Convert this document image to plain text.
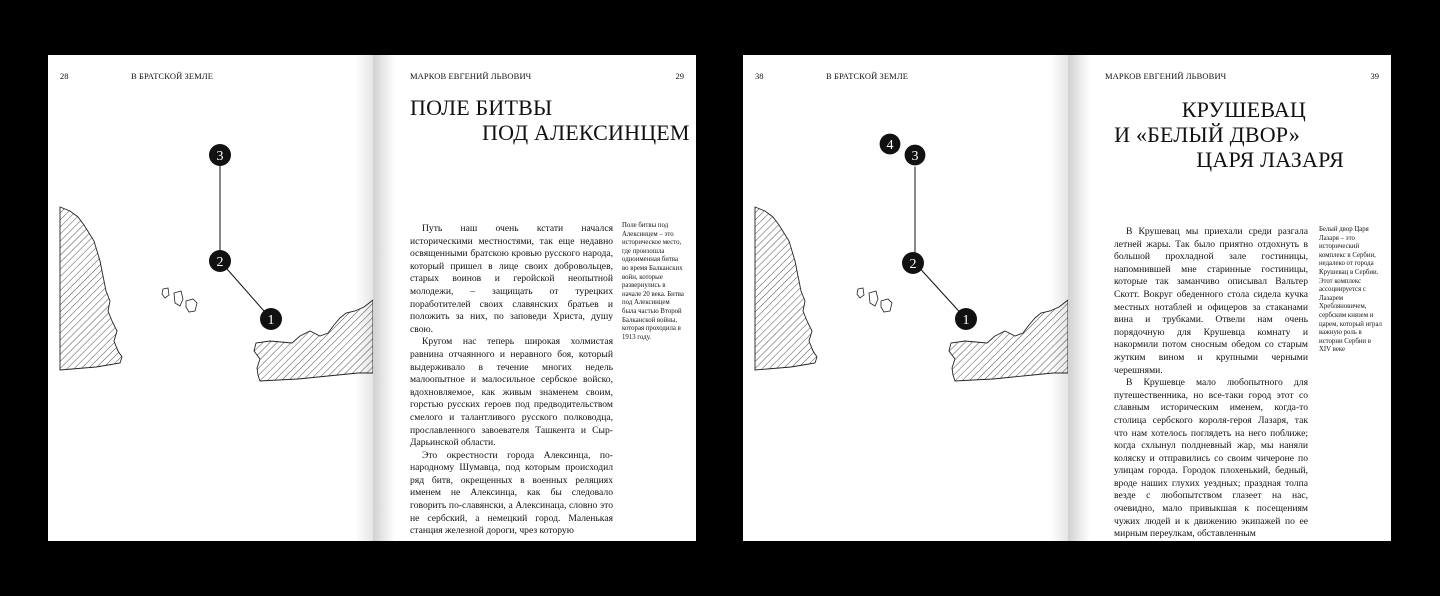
28	В БРАТСКОЙ ЗЕМЛЕ
3
2
1
МАРКОВ ЕВГЕНИЙ ЛЬВОВИЧ	29
ПОЛЕ БИТВЫ
ПОД АЛЕКСИНЦЕМ

Путь наш очень кстати начался историческими местностями, так еще недавно освященными братскою кровью русского народа, который пришел в лице своих добровольцев, старых воинов и геройской неопытной молодежи, – защищать от турецких поработителей своих славянских братьев и положить за них, по заповеди Христа, душу свою.

Кругом нас теперь широкая холмистая равнина отчаянного и неравного боя, который выдерживало в течение многих недель малоопытное и малосильное сербское войско, вдохновляемое, как живым знаменем своим, горстью русских героев под предводительством смелого и талантливого русского полководца, прославленного завоевателя Ташкента и Сыр-Дарьинской области.

Это окрестности города Алексинца, по-народному Шумавца, под которым происходил ряд битв, окрещенных в военных реляциях именем не Алексинца, как бы следовало говорить по-славянски, а Алексинаца, словно это не сербский, а немецкий город. Маленькая станция железной дороги, чрез которую

Поле битвы под Алексинцем – это историческое место, где произошла одноименная битва во время Балканских войн, которые развернулись в начале 20 века. Битва под Алексинцем была частью Второй Балканской войны, которая проходила в 1913 году.
38	В БРАТСКОЙ ЗЕМЛЕ
4
3
2
1
МАРКОВ ЕВГЕНИЙ ЛЬВОВИЧ	39
КРУШЕВАЦ
И «БЕЛЫЙ ДВОР»
ЦАРЯ ЛАЗАРЯ

В Крушевац мы приехали среди разгала летней жары. Так было приятно отдохнуть в большой прохладной зале гостиницы, напомнившей мне старинные гостиницы, которые так заманчиво описывал Вальтер Скотт. Вокруг обеденного стола сидела кучка местных нотаблей и офицеров за стаканами вина и трубками. Отвели нам очень порядочную для Крушевца комнату и накормили потом сносным обедом со старым жутким вином и крупными черными черешнями.

В Крушевце мало любопытного для путешественника, но все-таки город этот со славным историческим именем, когда-то столица сербского короля-героя Лазаря, так что нам хотелось поглядеть на него поближе; когда схлынул полдневный жар, мы наняли коляску и отправились со своим чичероне по улицам города. Городок плохенький, бедный, вроде наших глухих уездных; праздная толпа везде с любопытством глазеет на нас, очевидно, мало привыкшая к посещениям чужих людей и к движению экипажей по ее мирным переулкам, обставленным

Белый двор Царя Лазаря – это исторический комплекс в Сербии, недалеко от города Крушевац в Сербии. Этот комплекс ассоциируется с Лазарем Хребляновичем, сербским князем и царем, который играл важную роль в истории Сербии в XIV веке
